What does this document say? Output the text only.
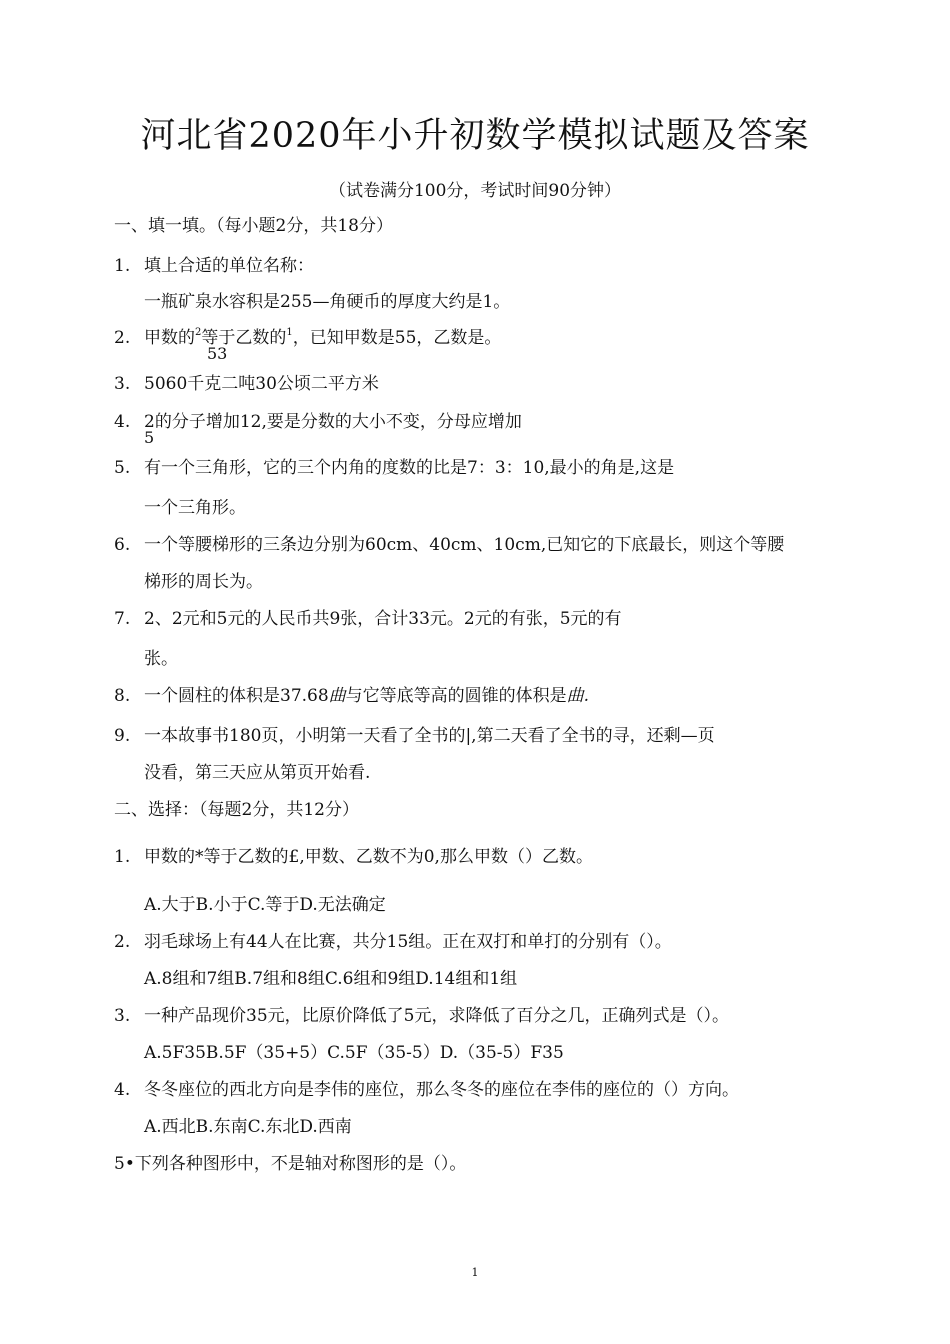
河北省2020年小升初数学模拟试题及答案
（试卷满分100分，考试时间90分钟）
一、填一填。（每小题2分，共18分）
1. 填上合适的单位名称：
一瓶矿泉水容积是255—角硬币的厚度大约是1。
2. 甲数的$^2$等于乙数的$^1$，已知甲数是55，乙数是。
53
3. 5060千克二吨30公顷二平方米
4. 2的分子增加12,要是分数的大小不变，分母应增加
5
5. 有一个三角形，它的三个内角的度数的比是7：3：10,最小的角是,这是
一个三角形。
6. 一个等腰梯形的三条边分别为60cm、40cm、10cm,已知它的下底最长，则这个等腰
梯形的周长为。
7. 2、2元和5元的人民币共9张，合计33元。2元的有张，5元的有
张。
8. 一个圆柱的体积是37.68曲与它等底等高的圆锥的体积是曲.
9. 一本故事书180页，小明第一天看了全书的|,第二天看了全书的寻，还剩—页
没看，第三天应从第页开始看.
二、选择：（每题2分，共12分）
1. 甲数的*等于乙数的£,甲数、乙数不为0,那么甲数（）乙数。
A.大于B.小于C.等于D.无法确定
2. 羽毛球场上有44人在比赛，共分15组。正在双打和单打的分别有（）。
A.8组和7组B.7组和8组C.6组和9组D.14组和1组
3. 一种产品现价35元，比原价降低了5元，求降低了百分之几，正确列式是（）。
A.5F35B.5F（35+5）C.5F（35-5）D.（35-5）F35
4. 冬冬座位的西北方向是李伟的座位，那么冬冬的座位在李伟的座位的（）方向。
A.西北B.东南C.东北D.西南
5•下列各种图形中，不是轴对称图形的是（）。
1
